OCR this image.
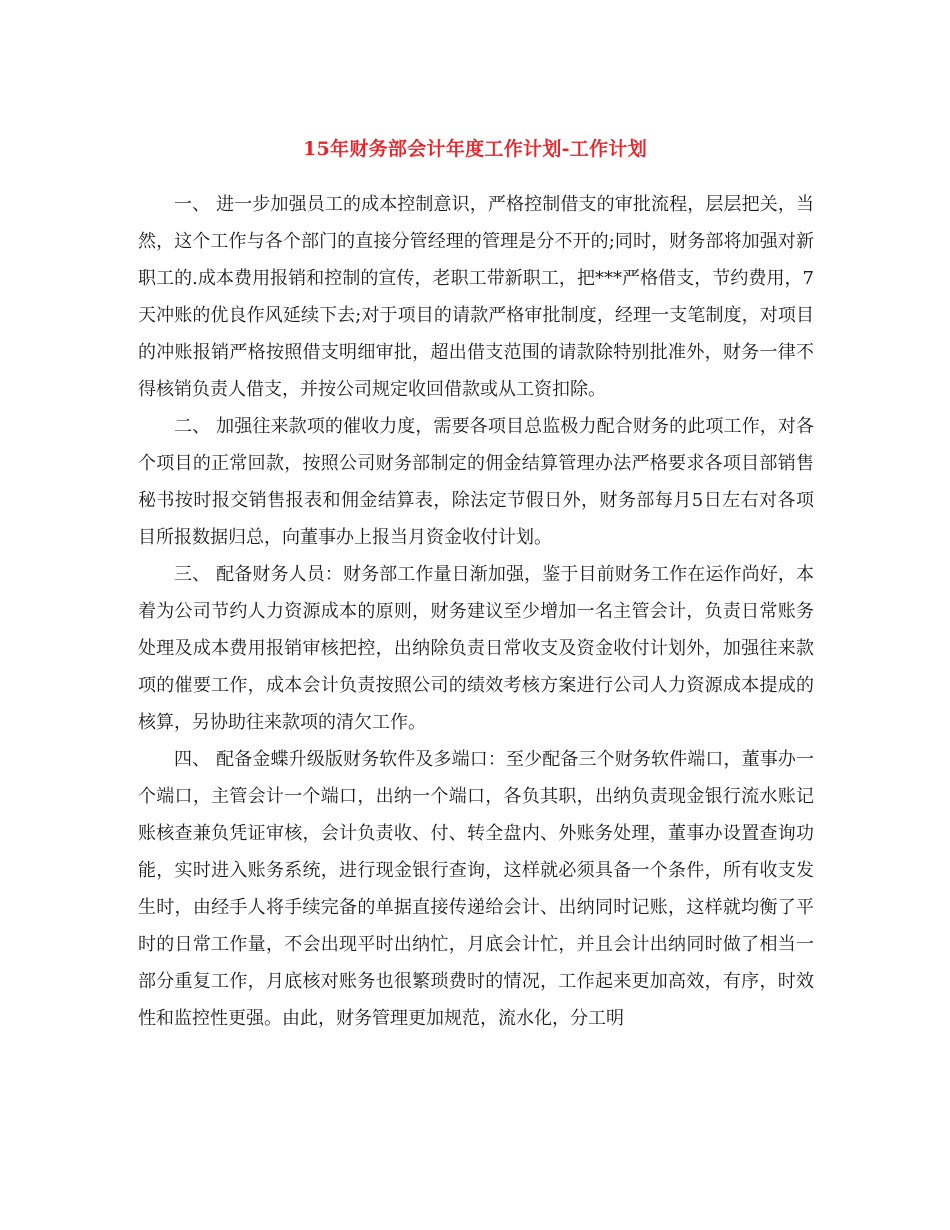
15年财务部会计年度工作计划-工作计划

一、 进一步加强员工的成本控制意识，严格控制借支的审批流程，层层把关，当然，这个工作与各个部门的直接分管经理的管理是分不开的;同时，财务部将加强对新职工的.成本费用报销和控制的宣传，老职工带新职工，把***严格借支，节约费用，7天冲账的优良作风延续下去;对于项目的请款严格审批制度，经理一支笔制度，对项目的冲账报销严格按照借支明细审批，超出借支范围的请款除特别批准外，财务一律不得核销负责人借支，并按公司规定收回借款或从工资扣除。

二、 加强往来款项的催收力度，需要各项目总监极力配合财务的此项工作，对各个项目的正常回款，按照公司财务部制定的佣金结算管理办法严格要求各项目部销售秘书按时报交销售报表和佣金结算表，除法定节假日外，财务部每月5日左右对各项目所报数据归总，向董事办上报当月资金收付计划。

三、 配备财务人员：财务部工作量日渐加强，鉴于目前财务工作在运作尚好，本着为公司节约人力资源成本的原则，财务建议至少增加一名主管会计，负责日常账务处理及成本费用报销审核把控，出纳除负责日常收支及资金收付计划外，加强往来款项的催要工作，成本会计负责按照公司的绩效考核方案进行公司人力资源成本提成的核算，另协助往来款项的清欠工作。

四、 配备金蝶升级版财务软件及多端口：至少配备三个财务软件端口，董事办一个端口，主管会计一个端口，出纳一个端口，各负其职，出纳负责现金银行流水账记账核查兼负凭证审核，会计负责收、付、转全盘内、外账务处理，董事办设置查询功能，实时进入账务系统，进行现金银行查询，这样就必须具备一个条件，所有收支发生时，由经手人将手续完备的单据直接传递给会计、出纳同时记账，这样就均衡了平时的日常工作量，不会出现平时出纳忙，月底会计忙，并且会计出纳同时做了相当一部分重复工作，月底核对账务也很繁琐费时的情况，工作起来更加高效，有序，时效性和监控性更强。由此，财务管理更加规范，流水化，分工明
